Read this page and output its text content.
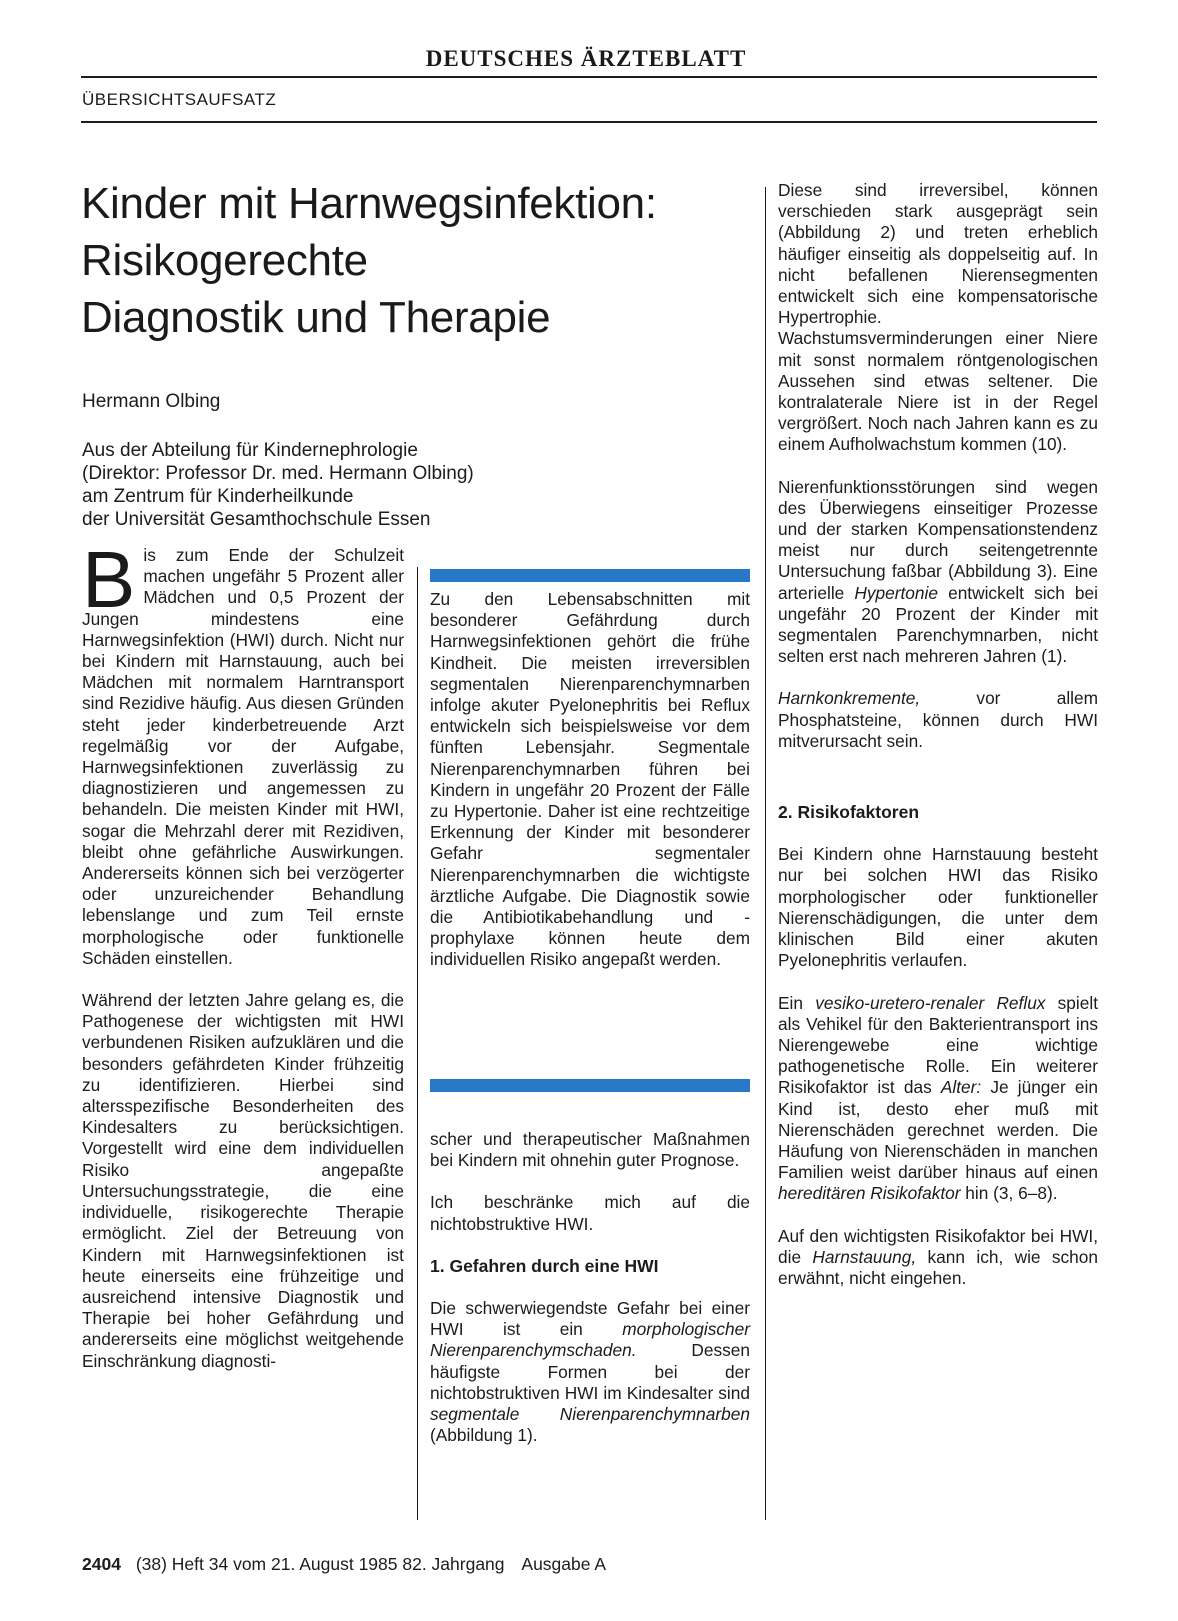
DEUTSCHES ÄRZTEBLATT
ÜBERSICHTSAUFSATZ
Kinder mit Harnwegsinfektion:
Risikogerechte
Diagnostik und Therapie
Hermann Olbing
Aus der Abteilung für Kindernephrologie
(Direktor: Professor Dr. med. Hermann Olbing)
am Zentrum für Kinderheilkunde
der Universität Gesamthochschule Essen

Bis zum Ende der Schulzeit machen ungefähr 5 Prozent aller Mädchen und 0,5 Prozent der Jungen mindestens eine Harnwegsinfektion (HWI) durch. Nicht nur bei Kindern mit Harnstauung, auch bei Mädchen mit normalem Harntransport sind Rezidive häufig. Aus diesen Gründen steht jeder kinderbetreuende Arzt regelmäßig vor der Aufgabe, Harnwegsinfektionen zuverlässig zu diagnostizieren und angemessen zu behandeln. Die meisten Kinder mit HWI, sogar die Mehrzahl derer mit Rezidiven, bleibt ohne gefährliche Auswirkungen. Andererseits können sich bei verzögerter oder unzureichender Behandlung lebenslange und zum Teil ernste morphologische oder funktionelle Schäden einstellen.

Während der letzten Jahre gelang es, die Pathogenese der wichtigsten mit HWI verbundenen Risiken aufzuklären und die besonders gefährdeten Kinder frühzeitig zu identifizieren. Hierbei sind altersspezifische Besonderheiten des Kindesalters zu berücksichtigen. Vorgestellt wird eine dem individuellen Risiko angepaßte Untersuchungsstrategie, die eine individuelle, risikogerechte Therapie ermöglicht. Ziel der Betreuung von Kindern mit Harnwegsinfektionen ist heute einerseits eine frühzeitige und ausreichend intensive Diagnostik und Therapie bei hoher Gefährdung und andererseits eine möglichst weitgehende Einschränkung diagnosti-

Zu den Lebensabschnitten mit besonderer Gefährdung durch Harnwegsinfektionen gehört die frühe Kindheit. Die meisten irreversiblen segmentalen Nierenparenchymnarben infolge akuter Pyelonephritis bei Reflux entwickeln sich beispielsweise vor dem fünften Lebensjahr. Segmentale Nierenparenchymnarben führen bei Kindern in ungefähr 20 Prozent der Fälle zu Hypertonie. Daher ist eine rechtzeitige Erkennung der Kinder mit besonderer Gefahr segmentaler Nierenparenchymnarben die wichtigste ärztliche Aufgabe. Die Diagnostik sowie die Antibiotikabehandlung und -prophylaxe können heute dem individuellen Risiko angepaßt werden.

scher und therapeutischer Maßnahmen bei Kindern mit ohnehin guter Prognose.

Ich beschränke mich auf die nichtobstruktive HWI.

1. Gefahren durch eine HWI

Die schwerwiegendste Gefahr bei einer HWI ist ein morphologischer Nierenparenchymschaden. Dessen häufigste Formen bei der nichtobstruktiven HWI im Kindesalter sind segmentale Nierenparenchymnarben (Abbildung 1).

Diese sind irreversibel, können verschieden stark ausgeprägt sein (Abbildung 2) und treten erheblich häufiger einseitig als doppelseitig auf. In nicht befallenen Nierensegmenten entwickelt sich eine kompensatorische Hypertrophie. Wachstumsverminderungen einer Niere mit sonst normalem röntgenologischen Aussehen sind etwas seltener. Die kontralaterale Niere ist in der Regel vergrößert. Noch nach Jahren kann es zu einem Aufholwachstum kommen (10).

Nierenfunktionsstörungen sind wegen des Überwiegens einseitiger Prozesse und der starken Kompensationstendenz meist nur durch seitengetrennte Untersuchung faßbar (Abbildung 3). Eine arterielle Hypertonie entwickelt sich bei ungefähr 20 Prozent der Kinder mit segmentalen Parenchymnarben, nicht selten erst nach mehreren Jahren (1).

Harnkonkremente, vor allem Phosphatsteine, können durch HWI mitverursacht sein.

2. Risikofaktoren

Bei Kindern ohne Harnstauung besteht nur bei solchen HWI das Risiko morphologischer oder funktioneller Nierenschädigungen, die unter dem klinischen Bild einer akuten Pyelonephritis verlaufen.

Ein vesiko-uretero-renaler Reflux spielt als Vehikel für den Bakterientransport ins Nierengewebe eine wichtige pathogenetische Rolle. Ein weiterer Risikofaktor ist das Alter: Je jünger ein Kind ist, desto eher muß mit Nierenschäden gerechnet werden. Die Häufung von Nierenschäden in manchen Familien weist darüber hinaus auf einen hereditären Risikofaktor hin (3, 6–8).

Auf den wichtigsten Risikofaktor bei HWI, die Harnstauung, kann ich, wie schon erwähnt, nicht eingehen.

2404 (38) Heft 34 vom 21. August 1985 82. Jahrgang Ausgabe A
